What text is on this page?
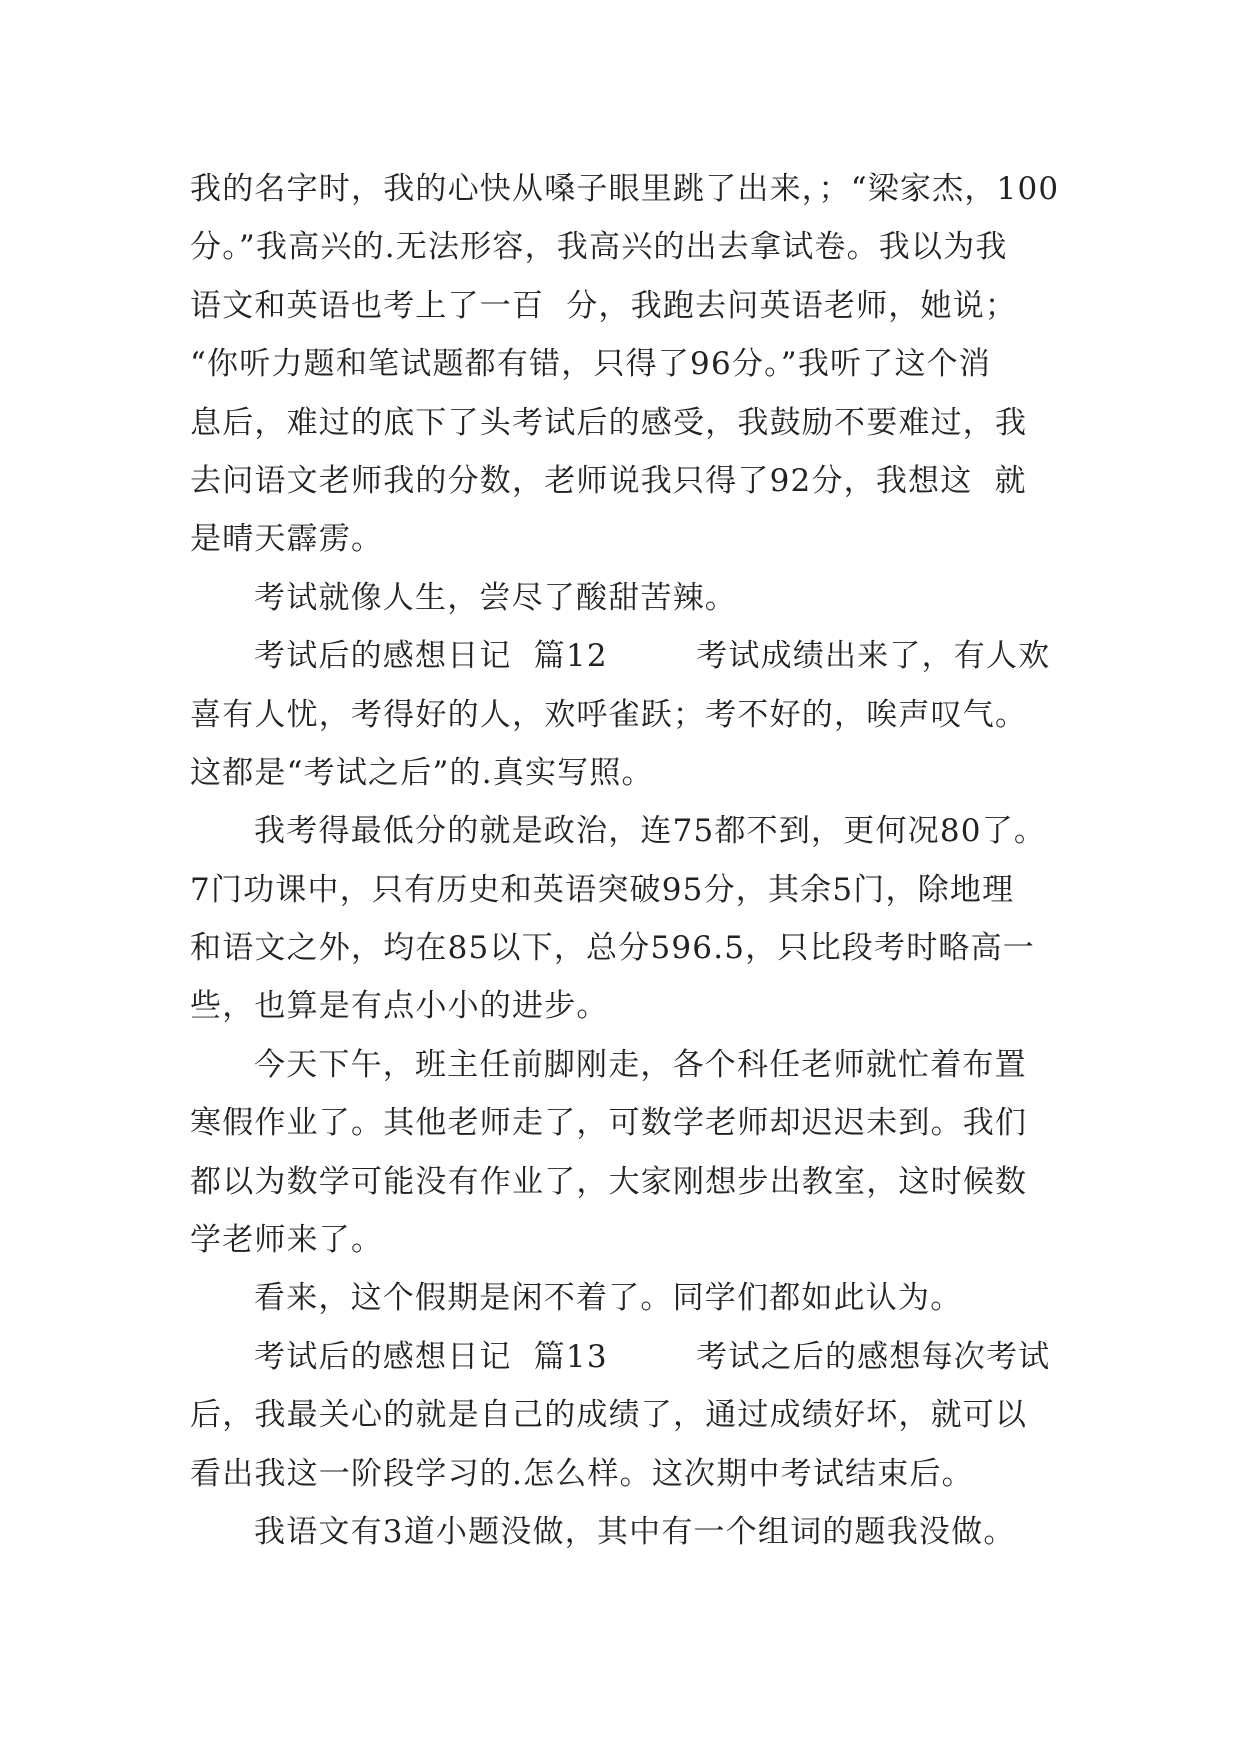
我的名字时，我的心快从嗓子眼里跳了出来，；“梁家杰，100
分。”我高兴的.无法形容，我高兴的出去拿试卷。我以为我
语文和英语也考上了一百  分，我跑去问英语老师，她说；
“你听力题和笔试题都有错，只得了96分。”我听了这个消
息后，难过的底下了头考试后的感受，我鼓励不要难过，我
去问语文老师我的分数，老师说我只得了92分，我想这  就
是晴天霹雳。
考试就像人生，尝尽了酸甜苦辣。
考试后的感想日记  篇12        考试成绩出来了，有人欢
喜有人忧，考得好的人，欢呼雀跃；考不好的，唉声叹气。
这都是“考试之后”的.真实写照。
我考得最低分的就是政治，连75都不到，更何况80了。
7门功课中，只有历史和英语突破95分，其余5门，除地理
和语文之外，均在85以下，总分596.5，只比段考时略高一
些，也算是有点小小的进步。
今天下午，班主任前脚刚走，各个科任老师就忙着布置
寒假作业了。其他老师走了，可数学老师却迟迟未到。我们
都以为数学可能没有作业了，大家刚想步出教室，这时候数
学老师来了。
看来，这个假期是闲不着了。同学们都如此认为。
考试后的感想日记  篇13        考试之后的感想每次考试
后，我最关心的就是自己的成绩了，通过成绩好坏，就可以
看出我这一阶段学习的.怎么样。这次期中考试结束后。
我语文有3道小题没做，其中有一个组词的题我没做。
